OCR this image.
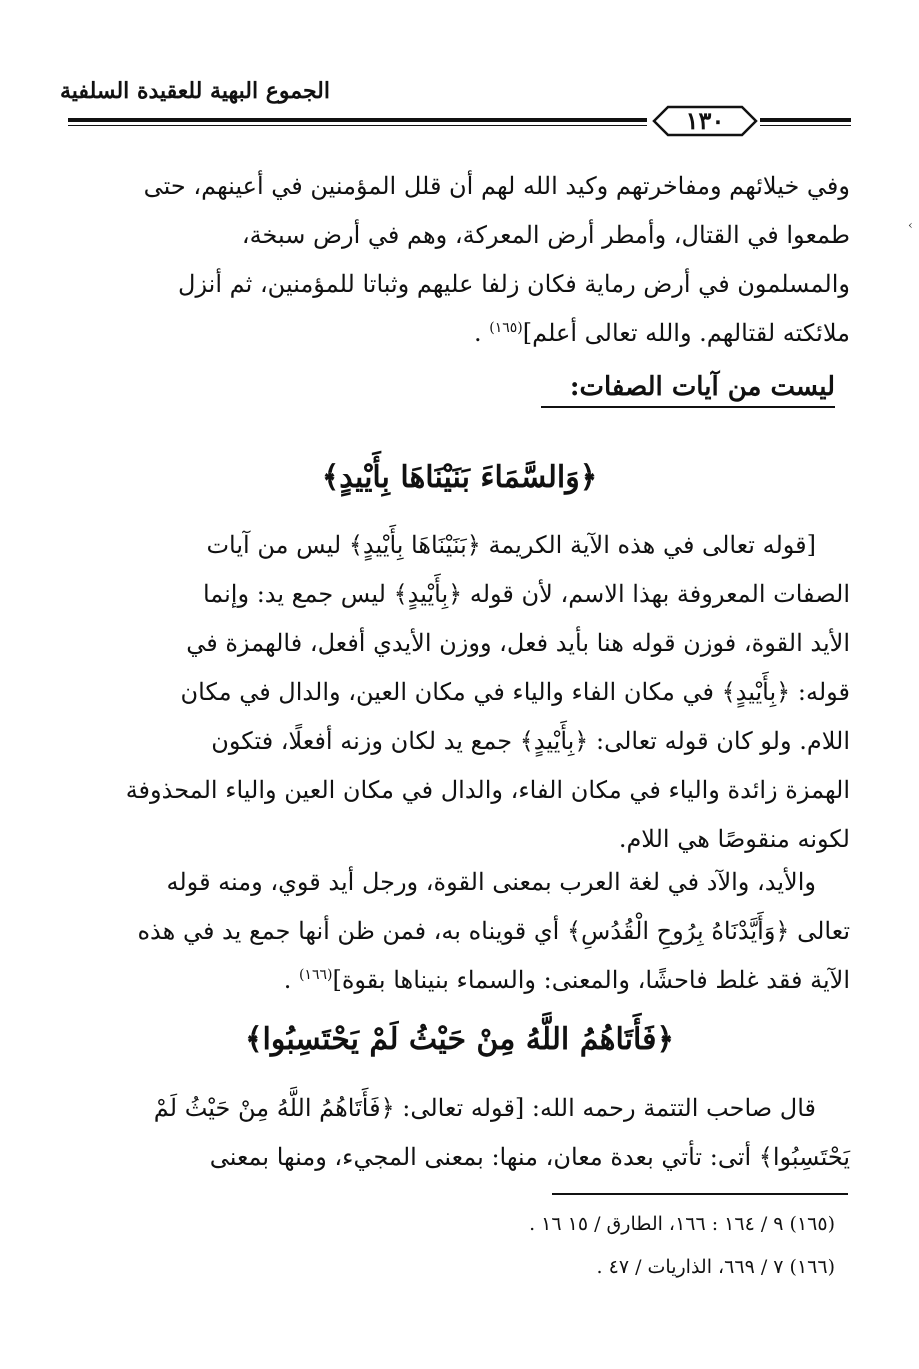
الجموع البهية للعقيدة السلفية
١٣٠

وفي خيلائهم ومفاخرتهم وكيد الله لهم أن قلل المؤمنين في أعينهم، حتى

طمعوا في القتال، وأمطر أرض المعركة، وهم في أرض سبخة،

والمسلمون في أرض رماية فكان زلفا عليهم وثباتا للمؤمنين، ثم أنزل

ملائكته لقتالهم. والله تعالى أعلم]$^{(١٦٥)}$ .

ليست من آيات الصفات:
﴿وَالسَّمَاءَ بَنَيْنَاهَا بِأَيْيدٍ﴾

[قوله تعالى في هذه الآية الكريمة ﴿بَنَيْنَاهَا بِأَيْيدٍ﴾ ليس من آيات

الصفات المعروفة بهذا الاسم، لأن قوله ﴿بِأَيْيدٍ﴾ ليس جمع يد: وإنما

الأيد القوة، فوزن قوله هنا بأيد فعل، ووزن الأيدي أفعل، فالهمزة في

قوله: ﴿بِأَيْيدٍ﴾ في مكان الفاء والياء في مكان العين، والدال في مكان

اللام. ولو كان قوله تعالى: ﴿بِأَيْيدٍ﴾ جمع يد لكان وزنه أفعلًا، فتكون

الهمزة زائدة والياء في مكان الفاء، والدال في مكان العين والياء المحذوفة

لكونه منقوصًا هي اللام.

والأيد، والآد في لغة العرب بمعنى القوة، ورجل أيد قوي، ومنه قوله

تعالى ﴿وَأَيَّدْنَاهُ بِرُوحِ الْقُدُسِ﴾ أي قويناه به، فمن ظن أنها جمع يد في هذه

الآية فقد غلط فاحشًا، والمعنى: والسماء بنيناها بقوة]$^{(١٦٦)}$ .

﴿فَأَتَاهُمُ اللَّهُ مِنْ حَيْثُ لَمْ يَحْتَسِبُوا﴾

قال صاحب التتمة رحمه الله: [قوله تعالى: ﴿فَأَتَاهُمُ اللَّهُ مِنْ حَيْثُ لَمْ

يَحْتَسِبُوا﴾ أتى: تأتي بعدة معان، منها: بمعنى المجيء، ومنها بمعنى

(١٦٥) ٩ / ١٦٤ : ١٦٦، الطارق / ١٥ ١٦ .
(١٦٦) ٧ / ٦٦٩، الذاريات / ٤٧ .
›
